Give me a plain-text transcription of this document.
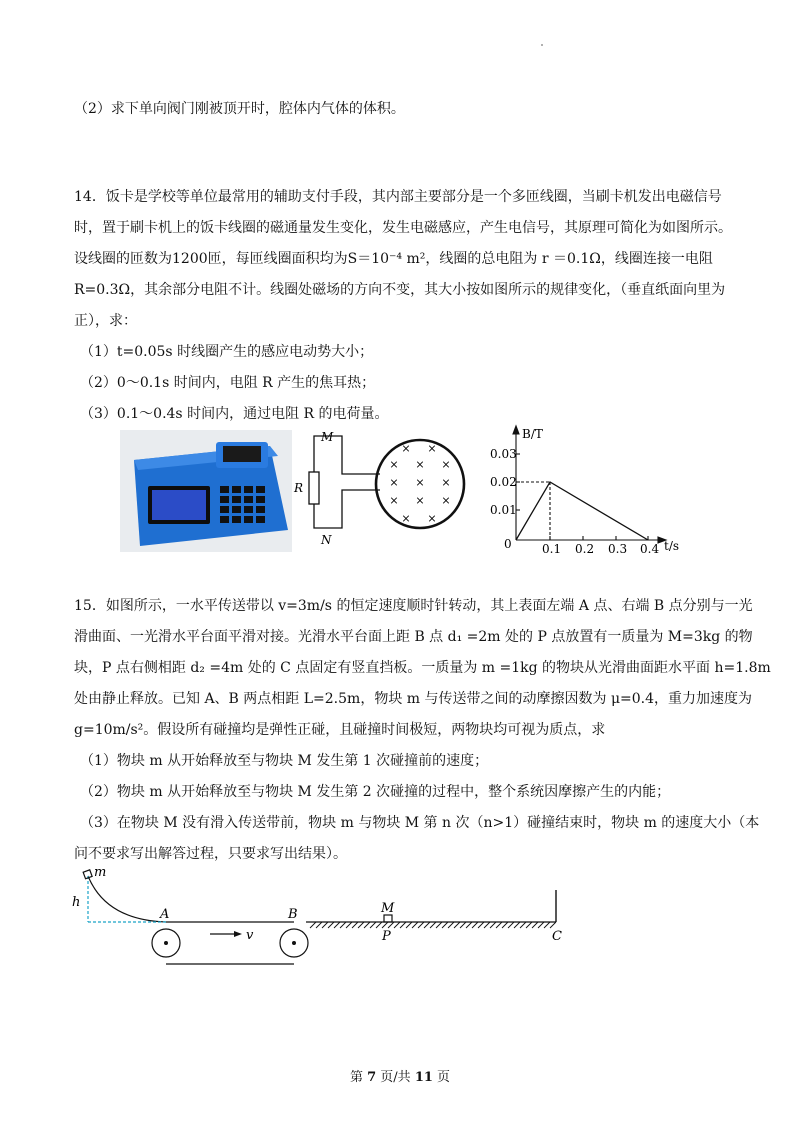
（2）求下单向阀门刚被顶开时，腔体内气体的体积。
14．饭卡是学校等单位最常用的辅助支付手段，其内部主要部分是一个多匝线圈，当刷卡机发出电磁信号
时，置于刷卡机上的饭卡线圈的磁通量发生变化，发生电磁感应，产生电信号，其原理可简化为如图所示。
设线圈的匝数为1200匝，每匝线圈面积均为S＝10⁻⁴ m²，线圈的总电阻为 r ＝0.1Ω，线圈连接一电阻
R=0.3Ω，其余部分电阻不计。线圈处磁场的方向不变，其大小按如图所示的规律变化，（垂直纸面向里为
正），求：
（1）t=0.05s 时线圈产生的感应电动势大小；
（2）0～0.1s 时间内，电阻 R 产生的焦耳热；
（3）0.1～0.4s 时间内，通过电阻 R 的电荷量。
M
N
R
× ×
× × ×
× × ×
× × ×
× ×
B/T
t/s
0
0.01
0.02
0.03
0.1 0.2 0.3 0.4
15．如图所示，一水平传送带以 v=3m/s 的恒定速度顺时针转动，其上表面左端 A 点、右端 B 点分别与一光
滑曲面、一光滑水平台面平滑对接。光滑水平台面上距 B 点 d₁ =2m 处的 P 点放置有一质量为 M=3kg 的物
块，P 点右侧相距 d₂ =4m 处的 C 点固定有竖直挡板。一质量为 m =1kg 的物块从光滑曲面距水平面 h=1.8m
处由静止释放。已知 A、B 两点相距 L=2.5m，物块 m 与传送带之间的动摩擦因数为 μ=0.4，重力加速度为
g=10m/s²。假设所有碰撞均是弹性正碰，且碰撞时间极短，两物块均可视为质点，求
（1）物块 m 从开始释放至与物块 M 发生第 1 次碰撞前的速度；
（2）物块 m 从开始释放至与物块 M 发生第 2 次碰撞的过程中，整个系统因摩擦产生的内能；
（3）在物块 M 没有滑入传送带前，物块 m 与物块 M 第 n 次（n>1）碰撞结束时，物块 m 的速度大小（本
问不要求写出解答过程，只要求写出结果）。
m
h
A	B
v
M
P	C
第 7 页/共 11 页
